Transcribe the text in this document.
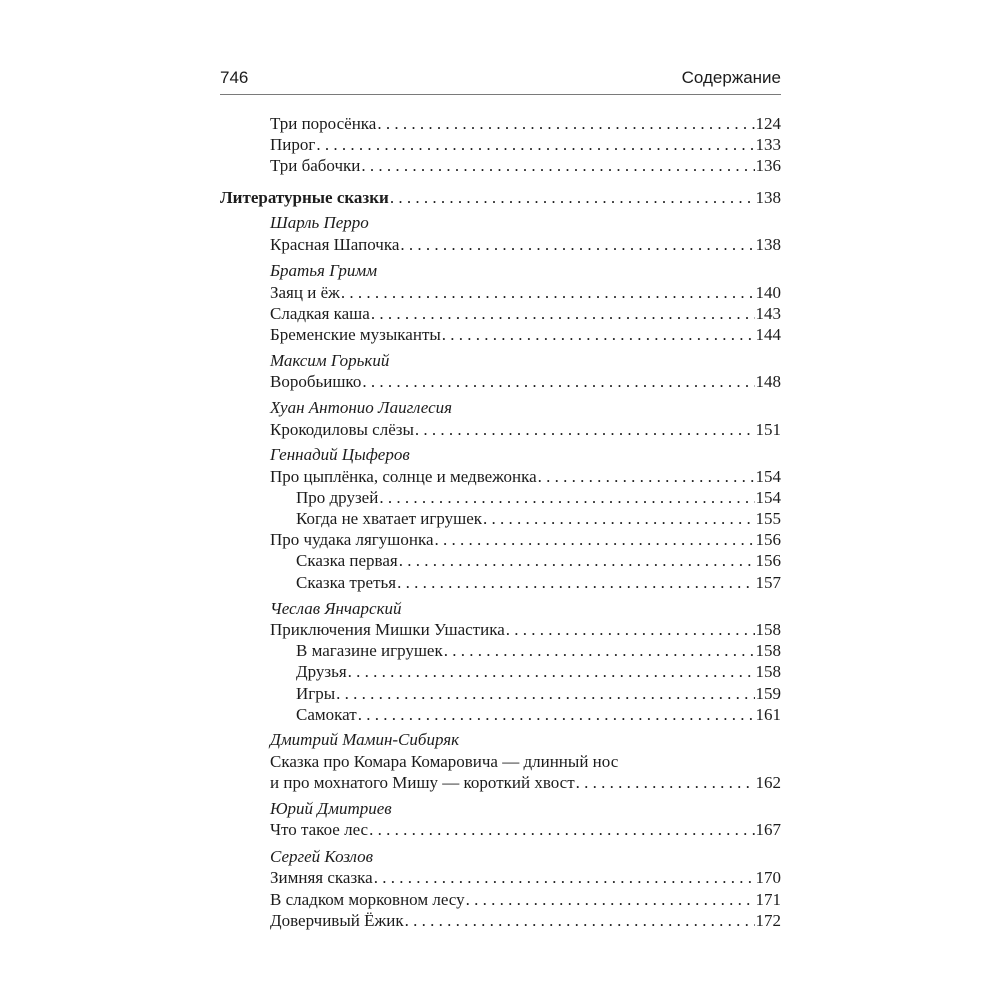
746	Содержание
Три поросёнка . . .	124
Пирог . . .	133
Три бабочки . . .	136
Литературные сказки . . .	138
Шарль Перро
Красная Шапочка . . .	138
Братья Гримм
Заяц и ёж . . .	140
Сладкая каша . . .	143
Бременские музыканты . . .	144
Максим Горький
Воробьишко . . .	148
Хуан Антонио Лаиглесия
Крокодиловы слёзы . . .	151
Геннадий Цыферов
Про цыплёнка, солнце и медвежонка . . .	154
Про друзей . . .	154
Когда не хватает игрушек . . .	155
Про чудака лягушонка . . .	156
Сказка первая . . .	156
Сказка третья . . .	157
Чеслав Янчарский
Приключения Мишки Ушастика . . .	158
В магазине игрушек . . .	158
Друзья . . .	158
Игры . . .	159
Самокат . . .	161
Дмитрий Мамин-Сибиряк
Сказка про Комара Комаровича — длинный нос
и про мохнатого Мишу — короткий хвост . . .	162
Юрий Дмитриев
Что такое лес . . .	167
Сергей Козлов
Зимняя сказка . . .	170
В сладком морковном лесу . . .	171
Доверчивый Ёжик . . .	172
